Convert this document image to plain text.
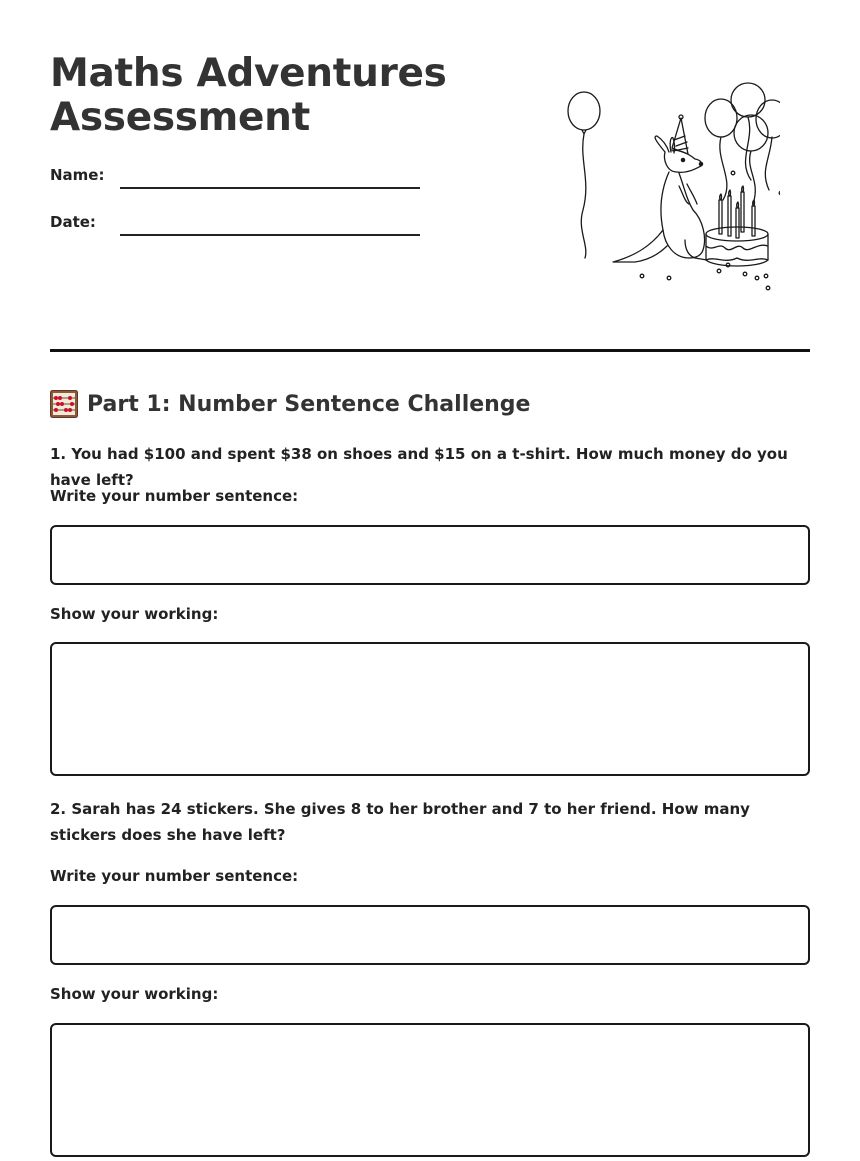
Maths Adventures
Assessment
Name:
Date:
Part 1: Number Sentence Challenge
1. You had $100 and spent $38 on shoes and $15 on a t-shirt. How much money do you have left?
Write your number sentence:
Show your working:
2. Sarah has 24 stickers. She gives 8 to her brother and 7 to her friend. How many stickers does she have left?
Write your number sentence:
Show your working:
